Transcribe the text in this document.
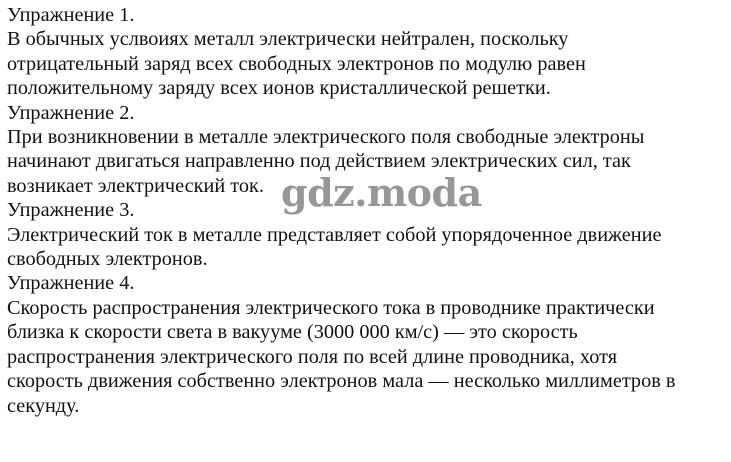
Упражнение 1.
В обычных услвоиях металл электрически нейтрален, поскольку
отрицательный заряд всех свободных электронов по модулю равен
положительному заряду всех ионов кристаллической решетки.
Упражнение 2.
При возникновении в металле электрического поля свободные электроны
начинают двигаться направленно под действием электрических сил, так
возникает электрический ток.
Упражнение 3.
Электрический ток в металле представляет собой упорядоченное движение
свободных электронов.
Упражнение 4.
Скорость распространения электрического тока в проводнике практически
близка к скорости света в вакууме (3000 000 км/с) — это скорость
распространения электрического поля по всей длине проводника, хотя
скорость движения собственно электронов мала — несколько миллиметров в
секунду.
gdz.moda
